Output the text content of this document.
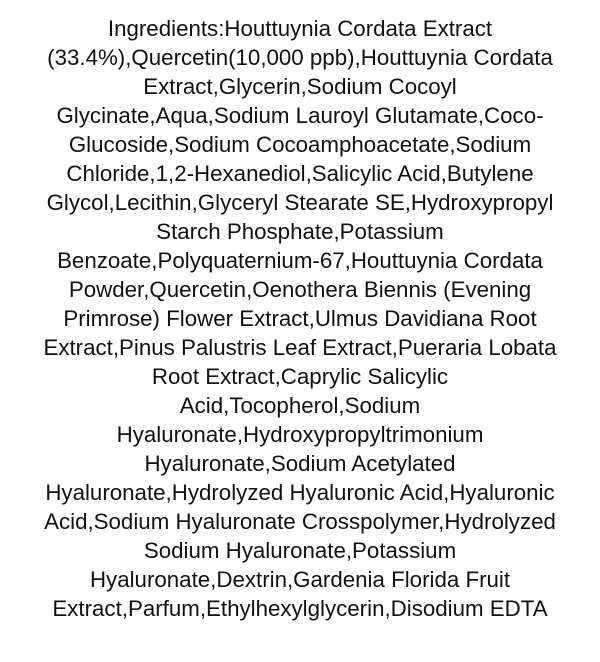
Ingredients:Houttuynia Cordata Extract
(33.4%),Quercetin(10,000 ppb),Houttuynia Cordata
Extract,Glycerin,Sodium Cocoyl
Glycinate,Aqua,Sodium Lauroyl Glutamate,Coco-
Glucoside,Sodium Cocoamphoacetate,Sodium
Chloride,1,2-Hexanediol,Salicylic Acid,Butylene
Glycol,Lecithin,Glyceryl Stearate SE,Hydroxypropyl
Starch Phosphate,Potassium
Benzoate,Polyquaternium-67,Houttuynia Cordata
Powder,Quercetin,Oenothera Biennis (Evening
Primrose) Flower Extract,Ulmus Davidiana Root
Extract,Pinus Palustris Leaf Extract,Pueraria Lobata
Root Extract,Caprylic Salicylic
Acid,Tocopherol,Sodium
Hyaluronate,Hydroxypropyltrimonium
Hyaluronate,Sodium Acetylated
Hyaluronate,Hydrolyzed Hyaluronic Acid,Hyaluronic
Acid,Sodium Hyaluronate Crosspolymer,Hydrolyzed
Sodium Hyaluronate,Potassium
Hyaluronate,Dextrin,Gardenia Florida Fruit
Extract,Parfum,Ethylhexylglycerin,Disodium EDTA
